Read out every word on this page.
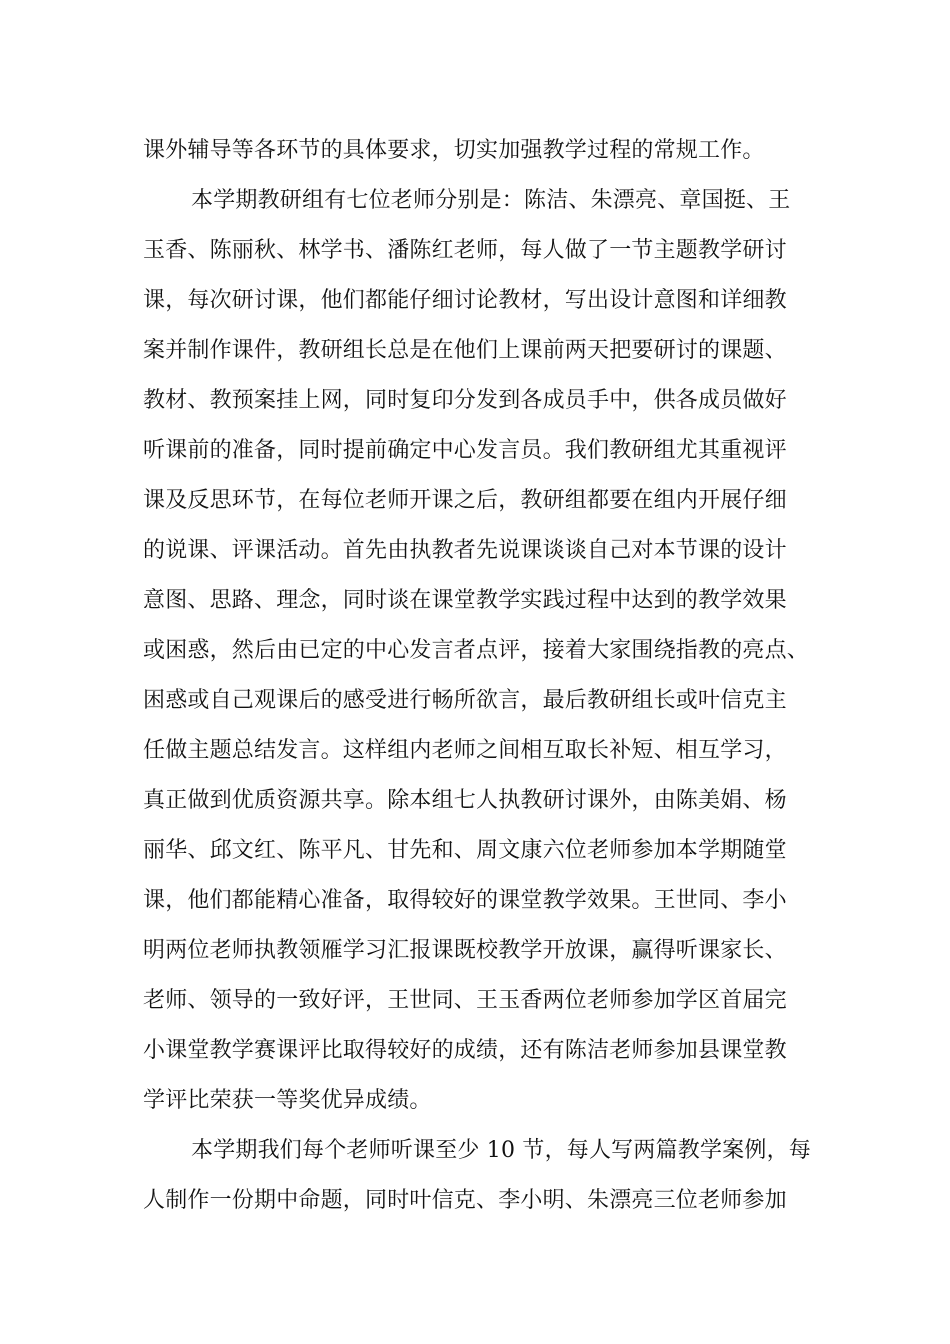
课外辅导等各环节的具体要求，切实加强教学过程的常规工作。
本学期教研组有七位老师分别是：陈洁、朱漂亮、章国挺、王
玉香、陈丽秋、林学书、潘陈红老师，每人做了一节主题教学研讨
课，每次研讨课，他们都能仔细讨论教材，写出设计意图和详细教
案并制作课件，教研组长总是在他们上课前两天把要研讨的课题、
教材、教预案挂上网，同时复印分发到各成员手中，供各成员做好
听课前的准备，同时提前确定中心发言员。我们教研组尤其重视评
课及反思环节，在每位老师开课之后，教研组都要在组内开展仔细
的说课、评课活动。首先由执教者先说课谈谈自己对本节课的设计
意图、思路、理念，同时谈在课堂教学实践过程中达到的教学效果
或困惑，然后由已定的中心发言者点评，接着大家围绕指教的亮点、
困惑或自己观课后的感受进行畅所欲言，最后教研组长或叶信克主
任做主题总结发言。这样组内老师之间相互取长补短、相互学习，
真正做到优质资源共享。除本组七人执教研讨课外，由陈美娟、杨
丽华、邱文红、陈平凡、甘先和、周文康六位老师参加本学期随堂
课，他们都能精心准备，取得较好的课堂教学效果。王世同、李小
明两位老师执教领雁学习汇报课既校教学开放课，赢得听课家长、
老师、领导的一致好评，王世同、王玉香两位老师参加学区首届完
小课堂教学赛课评比取得较好的成绩，还有陈洁老师参加县课堂教
学评比荣获一等奖优异成绩。
本学期我们每个老师听课至少 10 节，每人写两篇教学案例，每
人制作一份期中命题，同时叶信克、李小明、朱漂亮三位老师参加
